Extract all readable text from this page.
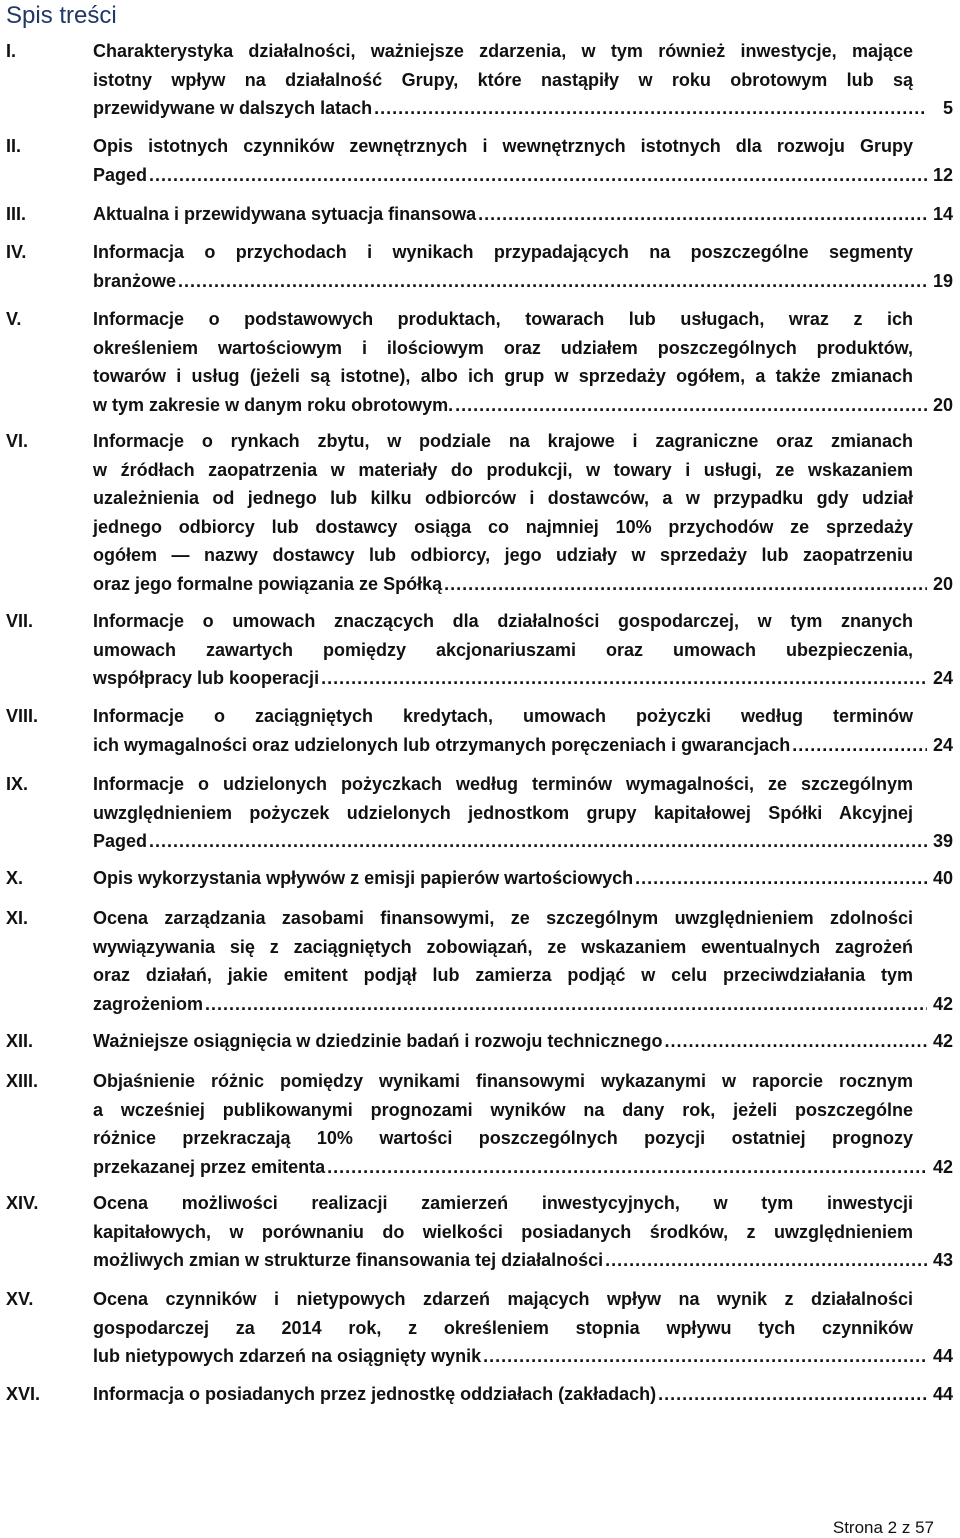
Spis treści
I.	Charakterystyka działalności, ważniejsze zdarzenia, w tym również inwestycje, mające
istotny wpływ na działalność Grupy, które nastąpiły w roku obrotowym lub są
przewidywane w dalszych latach .....	5
II.	Opis istotnych czynników zewnętrznych i wewnętrznych istotnych dla rozwoju Grupy
Paged .....	12
III.	Aktualna i przewidywana sytuacja finansowa .....	14
IV.	Informacja o przychodach i wynikach przypadających na poszczególne segmenty
branżowe .....	19
V.	Informacje o podstawowych produktach, towarach lub usługach, wraz z ich
określeniem wartościowym i ilościowym oraz udziałem poszczególnych produktów,
towarów i usług (jeżeli są istotne), albo ich grup w sprzedaży ogółem, a także zmianach
w tym zakresie w danym roku obrotowym. .....	20
VI.	Informacje o rynkach zbytu, w podziale na krajowe i zagraniczne oraz zmianach
w źródłach zaopatrzenia w materiały do produkcji, w towary i usługi, ze wskazaniem
uzależnienia od jednego lub kilku odbiorców i dostawców, a w przypadku gdy udział
jednego odbiorcy lub dostawcy osiąga co najmniej 10% przychodów ze sprzedaży
ogółem — nazwy dostawcy lub odbiorcy, jego udziały w sprzedaży lub zaopatrzeniu
oraz jego formalne powiązania ze Spółką .....	20
VII.	Informacje o umowach znaczących dla działalności gospodarczej, w tym znanych
umowach zawartych pomiędzy akcjonariuszami oraz umowach ubezpieczenia,
współpracy lub kooperacji .....	24
VIII.	Informacje o zaciągniętych kredytach, umowach pożyczki według terminów
ich wymagalności oraz udzielonych lub otrzymanych poręczeniach i gwarancjach .....	24
IX.	Informacje o udzielonych pożyczkach według terminów wymagalności, ze szczególnym
uwzględnieniem pożyczek udzielonych jednostkom grupy kapitałowej Spółki Akcyjnej
Paged .....	39
X.	Opis wykorzystania wpływów z emisji papierów wartościowych .....	40
XI.	Ocena zarządzania zasobami finansowymi, ze szczególnym uwzględnieniem zdolności
wywiązywania się z zaciągniętych zobowiązań, ze wskazaniem ewentualnych zagrożeń
oraz działań, jakie emitent podjął lub zamierza podjąć w celu przeciwdziałania tym
zagrożeniom .....	42
XII.	Ważniejsze osiągnięcia w dziedzinie badań i rozwoju technicznego .....	42
XIII.	Objaśnienie różnic pomiędzy wynikami finansowymi wykazanymi w raporcie rocznym
a wcześniej publikowanymi prognozami wyników na dany rok, jeżeli poszczególne
różnice przekraczają 10% wartości poszczególnych pozycji ostatniej prognozy
przekazanej przez emitenta .....	42
XIV.	Ocena możliwości realizacji zamierzeń inwestycyjnych, w tym inwestycji
kapitałowych, w porównaniu do wielkości posiadanych środków, z uwzględnieniem
możliwych zmian w strukturze finansowania tej działalności .....	43
XV.	Ocena czynników i nietypowych zdarzeń mających wpływ na wynik z działalności
gospodarczej za 2014 rok, z określeniem stopnia wpływu tych czynników
lub nietypowych zdarzeń na osiągnięty wynik .....	44
XVI.	Informacja o posiadanych przez jednostkę oddziałach (zakładach) .....	44
Strona 2 z 57
